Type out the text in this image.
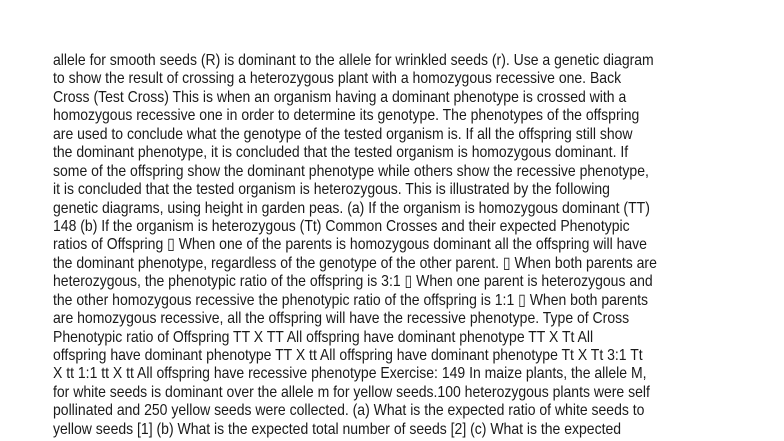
allele for smooth seeds (R) is dominant to the allele for wrinkled seeds (r). Use a genetic diagram
to show the result of crossing a heterozygous plant with a homozygous recessive one. Back
Cross (Test Cross) This is when an organism having a dominant phenotype is crossed with a
homozygous recessive one in order to determine its genotype. The phenotypes of the offspring
are used to conclude what the genotype of the tested organism is. If all the offspring still show
the dominant phenotype, it is concluded that the tested organism is homozygous dominant. If
some of the offspring show the dominant phenotype while others show the recessive phenotype,
it is concluded that the tested organism is heterozygous. This is illustrated by the following
genetic diagrams, using height in garden peas. (a) If the organism is homozygous dominant (TT)
148 (b) If the organism is heterozygous (Tt) Common Crosses and their expected Phenotypic
ratios of Offspring ▯ When one of the parents is homozygous dominant all the offspring will have
the dominant phenotype, regardless of the genotype of the other parent. ▯ When both parents are
heterozygous, the phenotypic ratio of the offspring is 3:1 ▯ When one parent is heterozygous and
the other homozygous recessive the phenotypic ratio of the offspring is 1:1 ▯ When both parents
are homozygous recessive, all the offspring will have the recessive phenotype. Type of Cross
Phenotypic ratio of Offspring TT X TT All offspring have dominant phenotype TT X Tt All
offspring have dominant phenotype TT X tt All offspring have dominant phenotype Tt X Tt 3:1 Tt
X tt 1:1 tt X tt All offspring have recessive phenotype Exercise: 149 In maize plants, the allele M,
for white seeds is dominant over the allele m for yellow seeds.100 heterozygous plants were self
pollinated and 250 yellow seeds were collected. (a) What is the expected ratio of white seeds to
yellow seeds [1] (b) What is the expected total number of seeds [2] (c) What is the expected
